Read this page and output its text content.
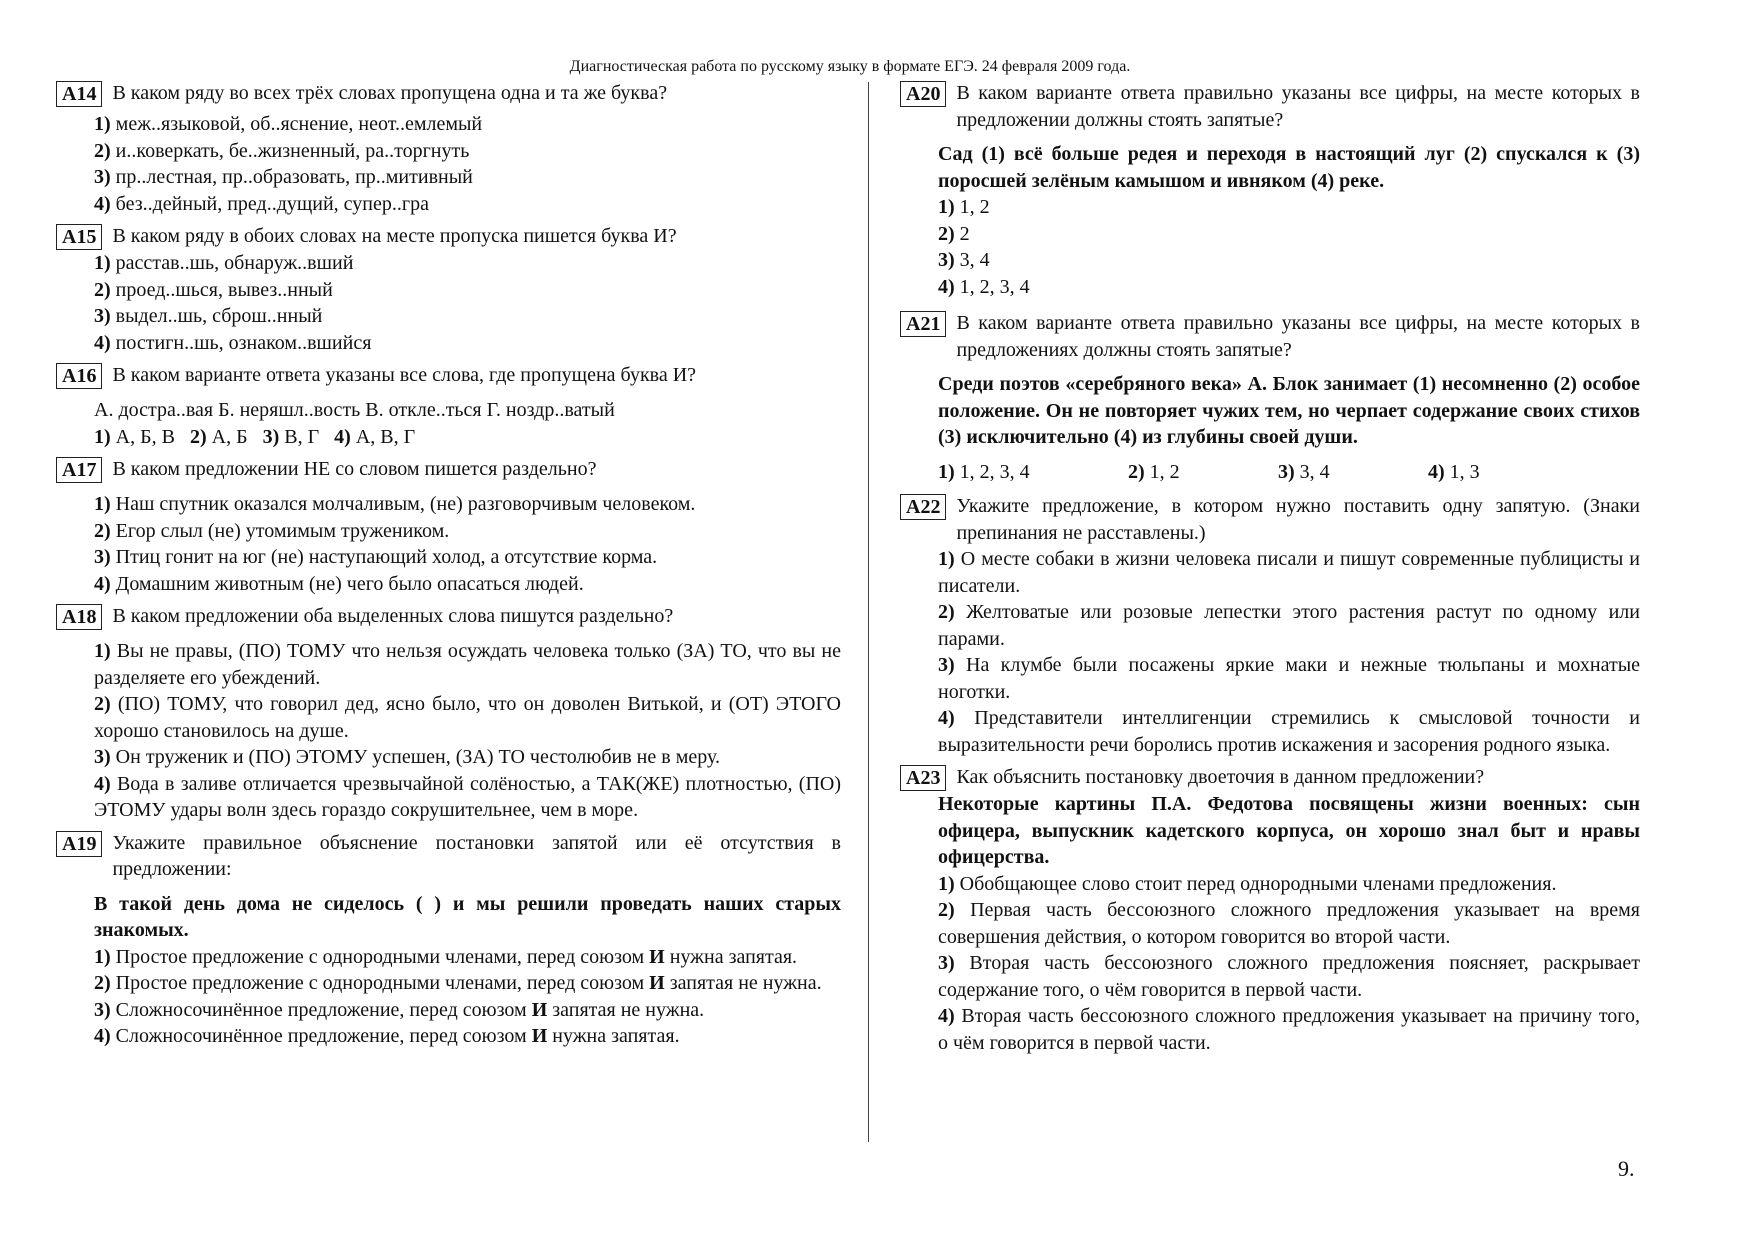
Диагностическая работа по русскому языку в формате ЕГЭ. 24 февраля 2009 года.
A14 В каком ряду во всех трёх словах пропущена одна и та же буква?
1) меж..языковой, об..яснение, неот..емлемый
2) и..коверкать, бе..жизненный, ра..торгнуть
3) пр..лестная, пр..образовать, пр..митивный
4) без..дейный, пред..дущий, супер..гра
A15 В каком ряду в обоих словах на месте пропуска пишется буква И?
1) расстав..шь, обнаруж..вший
2) проед..шься, вывез..нный
3) выдел..шь, сброш..нный
4) постигн..шь, ознаком..вшийся
A16 В каком варианте ответа указаны все слова, где пропущена буква И?
А. достра..вая Б. неряшл..вость В. откле..ться Г. ноздр..ватый
1) А, Б, В 2) А, Б 3) В, Г 4) А, В, Г
A17 В каком предложении НЕ со словом пишется раздельно?
1) Наш спутник оказался молчаливым, (не) разговорчивым человеком.
2) Егор слыл (не) утомимым тружеником.
3) Птиц гонит на юг (не) наступающий холод, а отсутствие корма.
4) Домашним животным (не) чего было опасаться людей.
A18 В каком предложении оба выделенных слова пишутся раздельно?
1) Вы не правы, (ПО) ТОМУ что нельзя осуждать человека только (ЗА) ТО, что вы не разделяете его убеждений.
2) (ПО) ТОМУ, что говорил дед, ясно было, что он доволен Витькой, и (ОТ) ЭТОГО хорошо становилось на душе.
3) Он труженик и (ПО) ЭТОМУ успешен, (ЗА) ТО честолюбив не в меру.
4) Вода в заливе отличается чрезвычайной солёностью, а ТАК(ЖЕ) плотностью, (ПО) ЭТОМУ удары волн здесь гораздо сокрушительнее, чем в море.
A19 Укажите правильное объяснение постановки запятой или её отсутствия в предложении:
В такой день дома не сиделось ( ) и мы решили проведать наших старых знакомых.
1) Простое предложение с однородными членами, перед союзом И нужна запятая.
2) Простое предложение с однородными членами, перед союзом И запятая не нужна.
3) Сложносочинённое предложение, перед союзом И запятая не нужна.
4) Сложносочинённое предложение, перед союзом И нужна запятая.
A20 В каком варианте ответа правильно указаны все цифры, на месте которых в предложении должны стоять запятые?
Сад (1) всё больше редея и переходя в настоящий луг (2) спускался к (3) поросшей зелёным камышом и ивняком (4) реке.
1) 1, 2
2) 2
3) 3, 4
4) 1, 2, 3, 4
A21 В каком варианте ответа правильно указаны все цифры, на месте которых в предложениях должны стоять запятые?
Среди поэтов «серебряного века» А. Блок занимает (1) несомненно (2) особое положение. Он не повторяет чужих тем, но черпает содержание своих стихов (3) исключительно (4) из глубины своей души.
1) 1, 2, 3, 4	2) 1, 2	3) 3, 4	4) 1, 3
A22 Укажите предложение, в котором нужно поставить одну запятую. (Знаки препинания не расставлены.)
1) О месте собаки в жизни человека писали и пишут современные публицисты и писатели.
2) Желтоватые или розовые лепестки этого растения растут по одному или парами.
3) На клумбе были посажены яркие маки и нежные тюльпаны и мохнатые ноготки.
4) Представители интеллигенции стремились к смысловой точности и выразительности речи боролись против искажения и засорения родного языка.
A23 Как объяснить постановку двоеточия в данном предложении?
Некоторые картины П.А. Федотова посвящены жизни военных: сын офицера, выпускник кадетского корпуса, он хорошо знал быт и нравы офицерства.
1) Обобщающее слово стоит перед однородными членами предложения.
2) Первая часть бессоюзного сложного предложения указывает на время совершения действия, о котором говорится во второй части.
3) Вторая часть бессоюзного сложного предложения поясняет, раскрывает содержание того, о чём говорится в первой части.
4) Вторая часть бессоюзного сложного предложения указывает на причину того, о чём говорится в первой части.
9.
